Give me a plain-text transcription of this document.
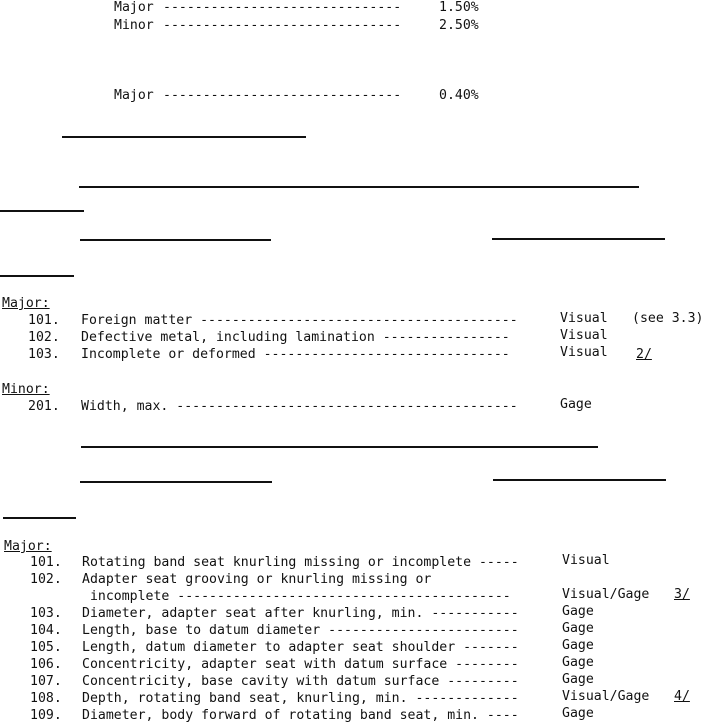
Major ------------------------------	1.50%
Minor ------------------------------	2.50%
Major ------------------------------	0.40%
Major:
101. Foreign matter ----------------------------------------	Visual (see 3.3)
102. Defective metal, including lamination ----------------	Visual
103. Incomplete or deformed -------------------------------	Visual 2/
Minor:
201. Width, max. -------------------------------------------	Gage
Major:
101. Rotating band seat knurling missing or incomplete -----	Visual
102. Adapter seat grooving or knurling missing or
incomplete ------------------------------------------	Visual/Gage 3/
103. Diameter, adapter seat after knurling, min. -----------	Gage
104. Length, base to datum diameter ------------------------	Gage
105. Length, datum diameter to adapter seat shoulder -------	Gage
106. Concentricity, adapter seat with datum surface --------	Gage
107. Concentricity, base cavity with datum surface ---------	Gage
108. Depth, rotating band seat, knurling, min. -------------	Visual/Gage 4/
109. Diameter, body forward of rotating band seat, min. ----	Gage
